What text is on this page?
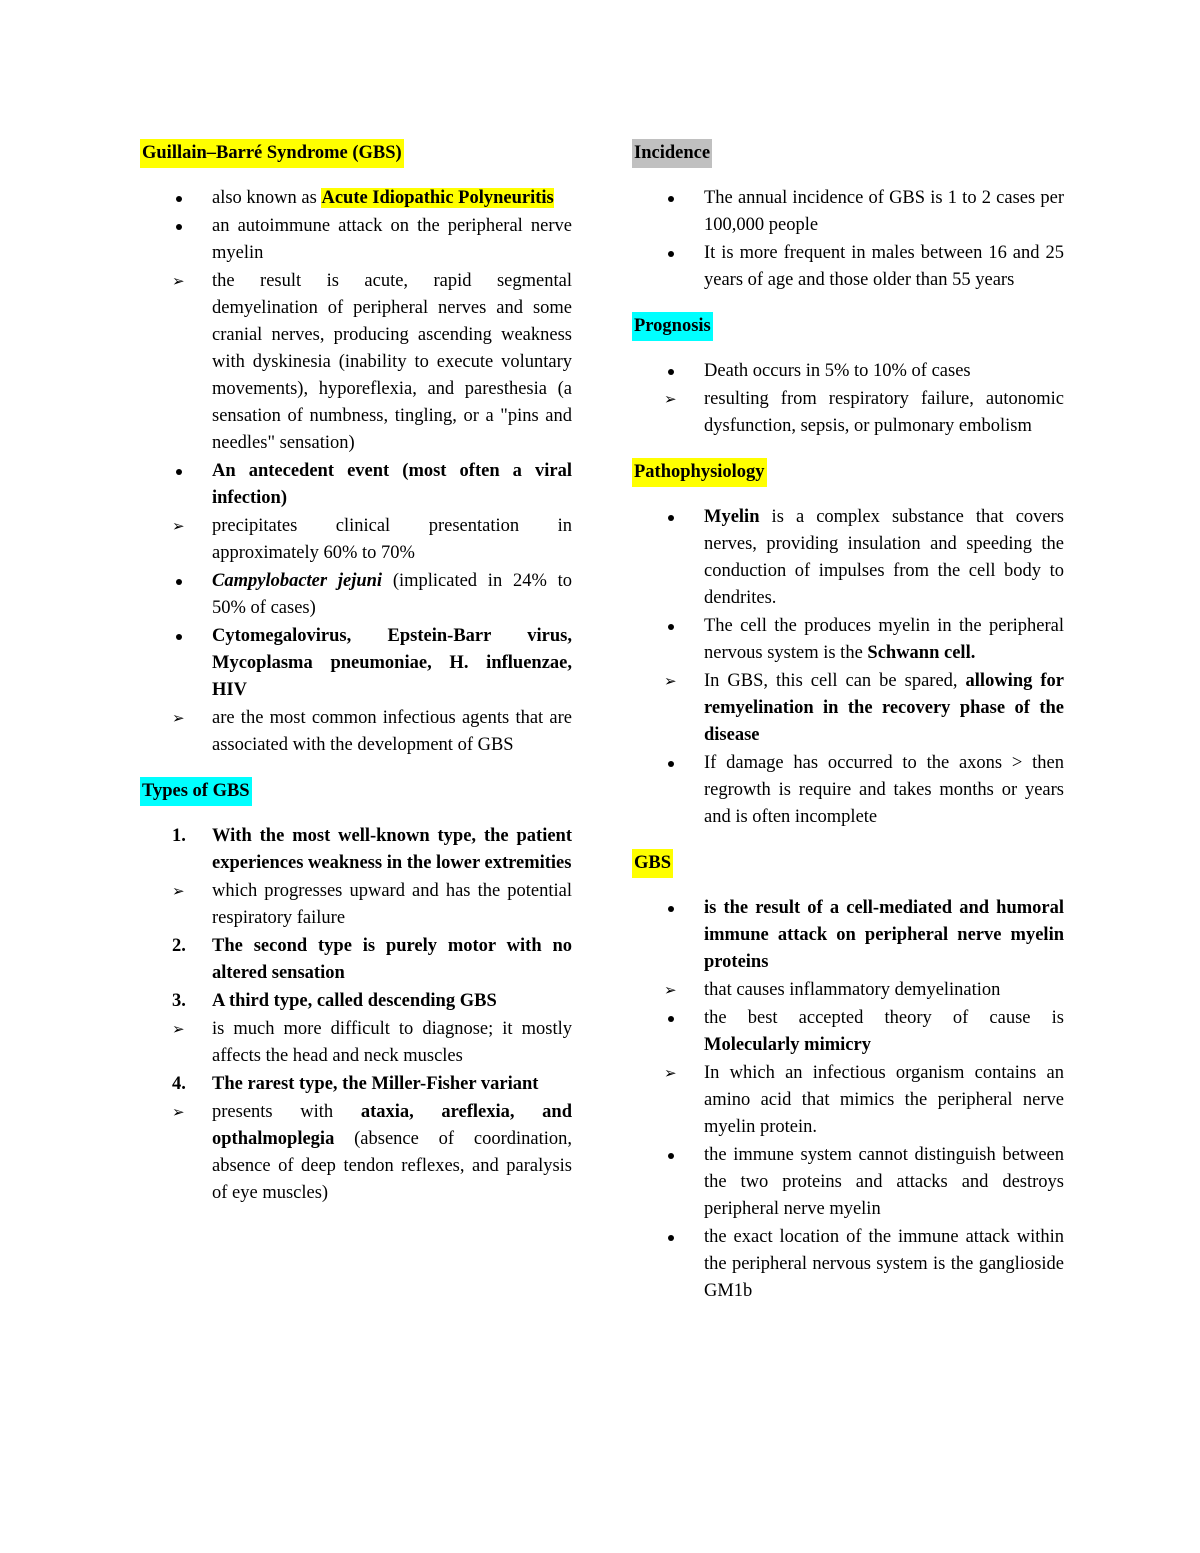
Guillain–Barré Syndrome (GBS)
also known as Acute Idiopathic Polyneuritis
an autoimmune attack on the peripheral nerve myelin
➢ the result is acute, rapid segmental demyelination of peripheral nerves and some cranial nerves, producing ascending weakness with dyskinesia (inability to execute voluntary movements), hyporeflexia, and paresthesia (a sensation of numbness, tingling, or a "pins and needles" sensation)
An antecedent event (most often a viral infection)
➢ precipitates clinical presentation in approximately 60% to 70%
Campylobacter jejuni (implicated in 24% to 50% of cases)
Cytomegalovirus, Epstein-Barr virus, Mycoplasma pneumoniae, H. influenzae, HIV
➢ are the most common infectious agents that are associated with the development of GBS
Types of GBS
1. With the most well-known type, the patient experiences weakness in the lower extremities
➢ which progresses upward and has the potential respiratory failure
2. The second type is purely motor with no altered sensation
3. A third type, called descending GBS
➢ is much more difficult to diagnose; it mostly affects the head and neck muscles
4. The rarest type, the Miller-Fisher variant
➢ presents with ataxia, areflexia, and opthalmoplegia (absence of coordination, absence of deep tendon reflexes, and paralysis of eye muscles)
Incidence
The annual incidence of GBS is 1 to 2 cases per 100,000 people
It is more frequent in males between 16 and 25 years of age and those older than 55 years
Prognosis
Death occurs in 5% to 10% of cases
➢ resulting from respiratory failure, autonomic dysfunction, sepsis, or pulmonary embolism
Pathophysiology
Myelin is a complex substance that covers nerves, providing insulation and speeding the conduction of impulses from the cell body to dendrites.
The cell the produces myelin in the peripheral nervous system is the Schwann cell.
➢ In GBS, this cell can be spared, allowing for remyelination in the recovery phase of the disease
If damage has occurred to the axons > then regrowth is require and takes months or years and is often incomplete
GBS
is the result of a cell-mediated and humoral immune attack on peripheral nerve myelin proteins
➢ that causes inflammatory demyelination
the best accepted theory of cause is Molecularly mimicry
➢ In which an infectious organism contains an amino acid that mimics the peripheral nerve myelin protein.
the immune system cannot distinguish between the two proteins and attacks and destroys peripheral nerve myelin
the exact location of the immune attack within the peripheral nervous system is the ganglioside GM1b
